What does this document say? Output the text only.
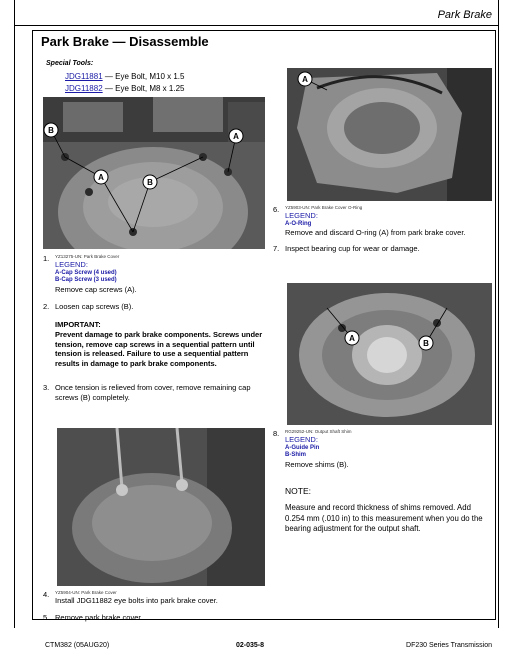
Park Brake
Park Brake — Disassemble
Special Tools:
JDG11881 — Eye Bolt, M10 x 1.5
JDG11882 — Eye Bolt, M8 x 1.25
B
A
B
A
1. YZ13275-UN: Park Brake Cover
LEGEND:
A-Cap Screw (4 used)
B-Cap Screw (3 used)
Remove cap screws (A).
2. Loosen cap screws (B).
IMPORTANT:
Prevent damage to park brake components. Screws under tension, remove cap screws in a sequential pattern until tension is released. Failure to use a sequential pattern results in damage to park brake components.
3. Once tension is relieved from cover, remove remaining cap screws (B) completely.
4. YZ5904-UN: Park Brake Cover
Install JDG11882 eye bolts into park brake cover.
5. Remove park brake cover.
A
6. YZ5903-UN: Park Brake Cover O-Ring
LEGEND:
A-O-Ring
Remove and discard O-ring (A) from park brake cover.
7. Inspect bearing cup for wear or damage.
A
B
8. RG29252-UN: Output Shaft Shim
LEGEND:
A-Guide Pin
B-Shim
Remove shims (B).
NOTE:
Measure and record thickness of shims removed. Add 0.254 mm (.010 in) to this measurement when you do the bearing adjustment for the output shaft.
CTM382 (05AUG20)	02-035-8	DF230 Series Transmission
